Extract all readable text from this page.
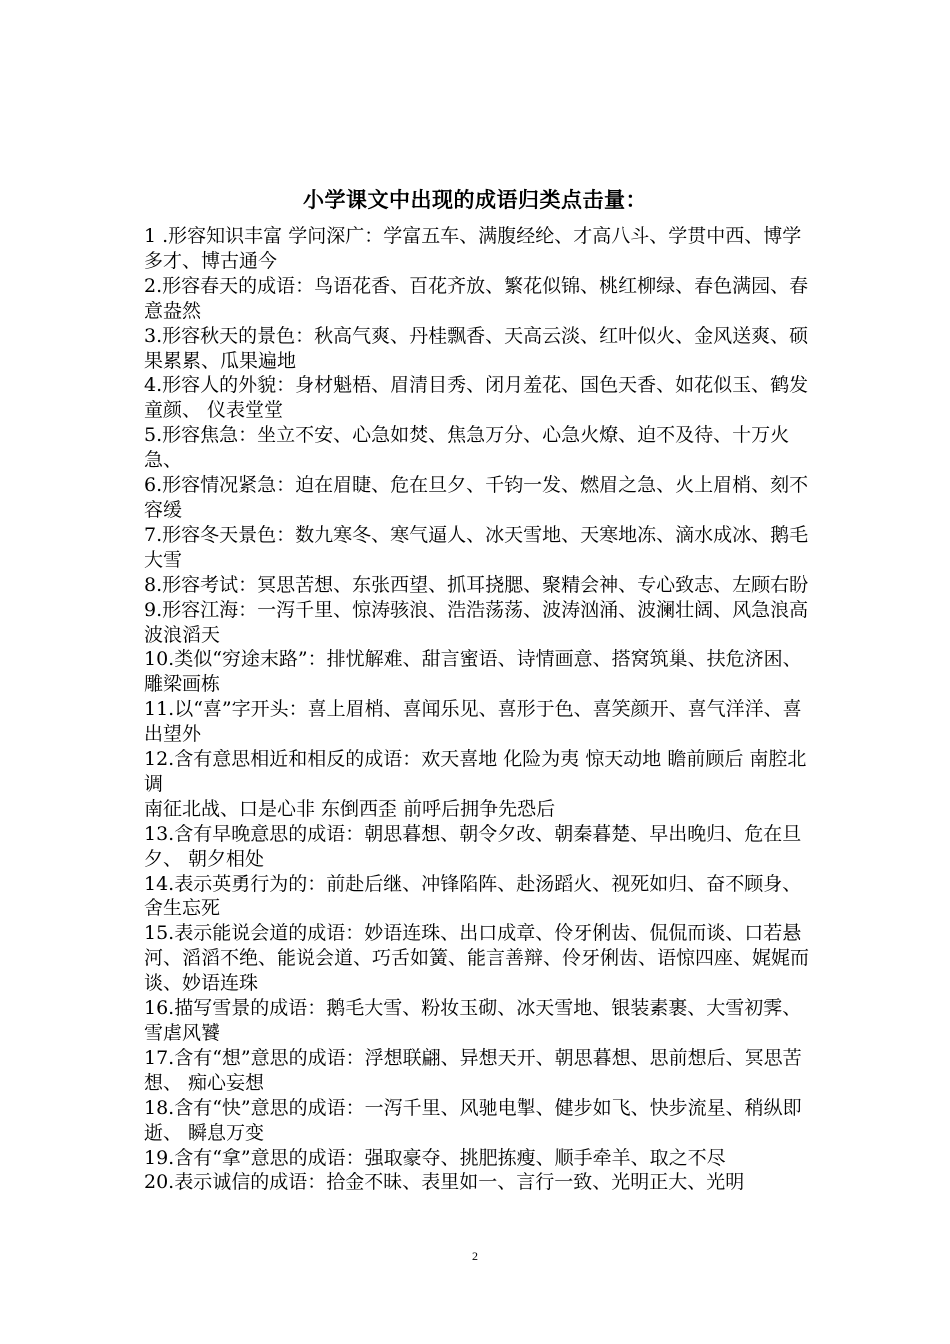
小学课文中出现的成语归类点击量：

1 .形容知识丰富 学问深广：学富五车、满腹经纶、才高八斗、学贯中西、博学多才、博古通今

2.形容春天的成语：鸟语花香、百花齐放、繁花似锦、桃红柳绿、春色满园、春意盎然

3.形容秋天的景色：秋高气爽、丹桂飘香、天高云淡、红叶似火、金风送爽、硕果累累、瓜果遍地

4.形容人的外貌：身材魁梧、眉清目秀、闭月羞花、国色天香、如花似玉、鹤发童颜、 仪表堂堂

5.形容焦急：坐立不安、心急如焚、焦急万分、心急火燎、迫不及待、十万火急、

6.形容情况紧急：迫在眉睫、危在旦夕、千钧一发、燃眉之急、火上眉梢、刻不容缓

7.形容冬天景色：数九寒冬、寒气逼人、冰天雪地、天寒地冻、滴水成冰、鹅毛大雪

8.形容考试：冥思苦想、东张西望、抓耳挠腮、聚精会神、专心致志、左顾右盼

9.形容江海：一泻千里、惊涛骇浪、浩浩荡荡、波涛汹涌、波澜壮阔、风急浪高 波浪滔天

10.类似“穷途末路”：排忧解难、甜言蜜语、诗情画意、搭窝筑巢、扶危济困、雕梁画栋

11.以“喜”字开头：喜上眉梢、喜闻乐见、喜形于色、喜笑颜开、喜气洋洋、喜出望外

12.含有意思相近和相反的成语：欢天喜地 化险为夷 惊天动地 瞻前顾后 南腔北调

南征北战、口是心非 东倒西歪 前呼后拥争先恐后

13.含有早晚意思的成语：朝思暮想、朝令夕改、朝秦暮楚、早出晚归、危在旦夕、 朝夕相处

14.表示英勇行为的：前赴后继、冲锋陷阵、赴汤蹈火、视死如归、奋不顾身、舍生忘死

15.表示能说会道的成语：妙语连珠、出口成章、伶牙俐齿、侃侃而谈、口若悬河、滔滔不绝、能说会道、巧舌如簧、能言善辩、伶牙俐齿、语惊四座、娓娓而谈、妙语连珠

16.描写雪景的成语：鹅毛大雪、粉妆玉砌、冰天雪地、银装素裹、大雪初霁、雪虐风饕

17.含有“想”意思的成语：浮想联翩、异想天开、朝思暮想、思前想后、冥思苦想、 痴心妄想

18.含有“快”意思的成语：一泻千里、风驰电掣、健步如飞、快步流星、稍纵即逝、 瞬息万变

19.含有“拿”意思的成语：强取豪夺、挑肥拣瘦、顺手牵羊、取之不尽

20.表示诚信的成语：拾金不昧、表里如一、言行一致、光明正大、光明

2
